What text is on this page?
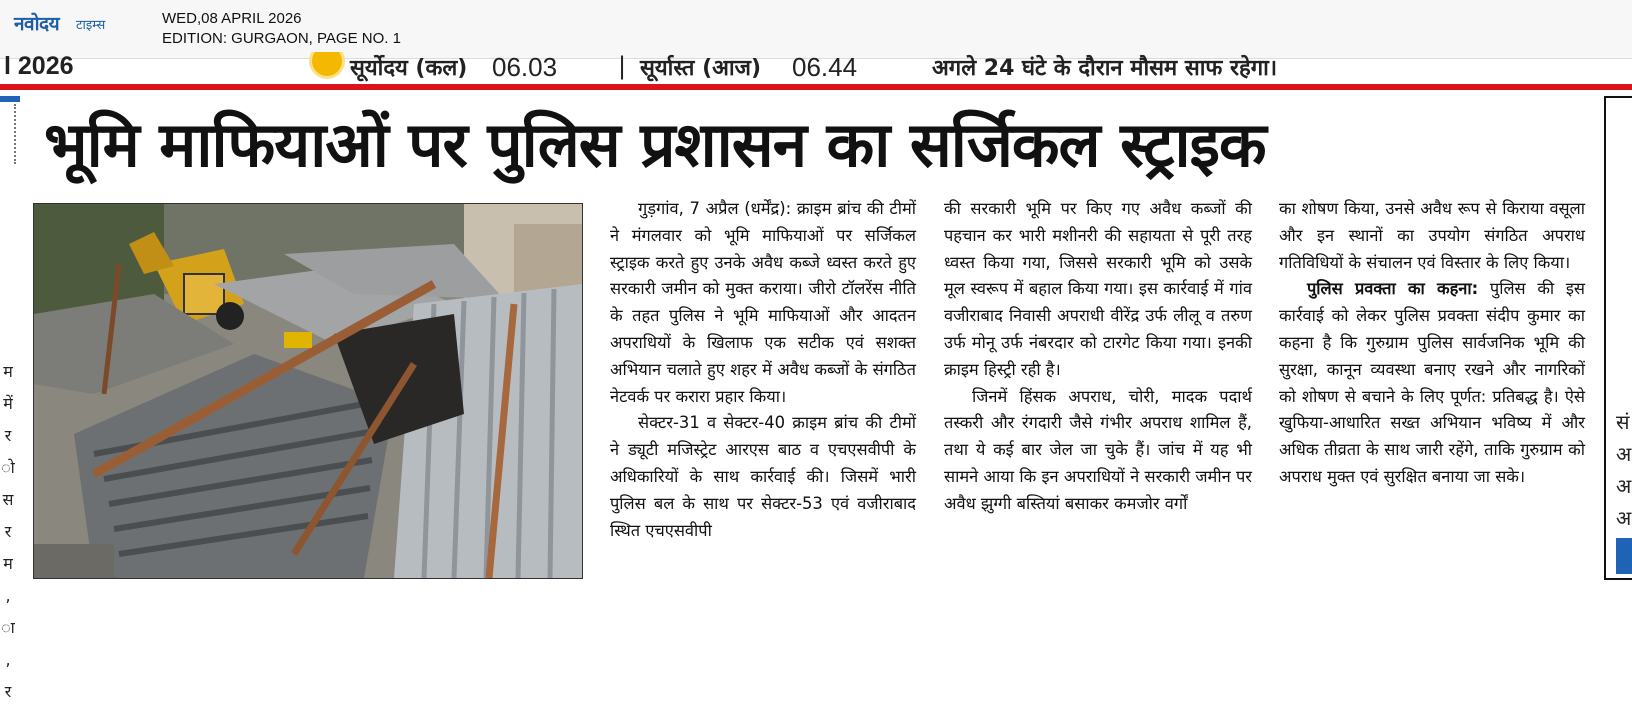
नवोदय टाइम्स	WED,08 APRIL 2026
EDITION: GURGAON, PAGE NO. 1
l 2026	सूर्योदय (कल) 06.03	| सूर्यास्त (आज) 06.44	अगले 24 घंटे के दौरान मौसम साफ रहेगा।
म
में
र
ो
स
र
म
,
ा
,
र
सं
अ
अ
अ
भूमि माफियाओं पर पुलिस प्रशासन का सर्जिकल स्ट्राइक

गुड़गांव, 7 अप्रैल (धर्मेंद्र): क्राइम ब्रांच की टीमों ने मंगलवार को भूमि माफियाओं पर सर्जिकल स्ट्राइक करते हुए उनके अवैध कब्जे ध्वस्त करते हुए सरकारी जमीन को मुक्त कराया। जीरो टॉलरेंस नीति के तहत पुलिस ने भूमि माफियाओं और आदतन अपराधियों के खिलाफ एक सटीक एवं सशक्त अभियान चलाते हुए शहर में अवैध कब्जों के संगठित नेटवर्क पर करारा प्रहार किया।

सेक्टर-31 व सेक्टर-40 क्राइम ब्रांच की टीमों ने ड्यूटी मजिस्ट्रेट आरएस बाठ व एचएसवीपी के अधिकारियों के साथ कार्रवाई की। जिसमें भारी पुलिस बल के साथ पर सेक्टर-53 एवं वजीराबाद स्थित एचएसवीपी

की सरकारी भूमि पर किए गए अवैध कब्जों की पहचान कर भारी मशीनरी की सहायता से पूरी तरह ध्वस्त किया गया, जिससे सरकारी भूमि को उसके मूल स्वरूप में बहाल किया गया। इस कार्रवाई में गांव वजीराबाद निवासी अपराधी वीरेंद्र उर्फ लीलू व तरुण उर्फ मोनू उर्फ नंबरदार को टारगेट किया गया। इनकी क्राइम हिस्ट्री रही है।

जिनमें हिंसक अपराध, चोरी, मादक पदार्थ तस्करी और रंगदारी जैसे गंभीर अपराध शामिल हैं, तथा ये कई बार जेल जा चुके हैं। जांच में यह भी सामने आया कि इन अपराधियों ने सरकारी जमीन पर अवैध झुग्गी बस्तियां बसाकर कमजोर वर्गों

का शोषण किया, उनसे अवैध रूप से किराया वसूला और इन स्थानों का उपयोग संगठित अपराध गतिविधियों के संचालन एवं विस्तार के लिए किया।

पुलिस प्रवक्ता का कहना: पुलिस की इस कार्रवाई को लेकर पुलिस प्रवक्ता संदीप कुमार का कहना है कि गुरुग्राम पुलिस सार्वजनिक भूमि की सुरक्षा, कानून व्यवस्था बनाए रखने और नागरिकों को शोषण से बचाने के लिए पूर्णत: प्रतिबद्ध है। ऐसे खुफिया-आधारित सख्त अभियान भविष्य में और अधिक तीव्रता के साथ जारी रहेंगे, ताकि गुरुग्राम को अपराध मुक्त एवं सुरक्षित बनाया जा सके।
